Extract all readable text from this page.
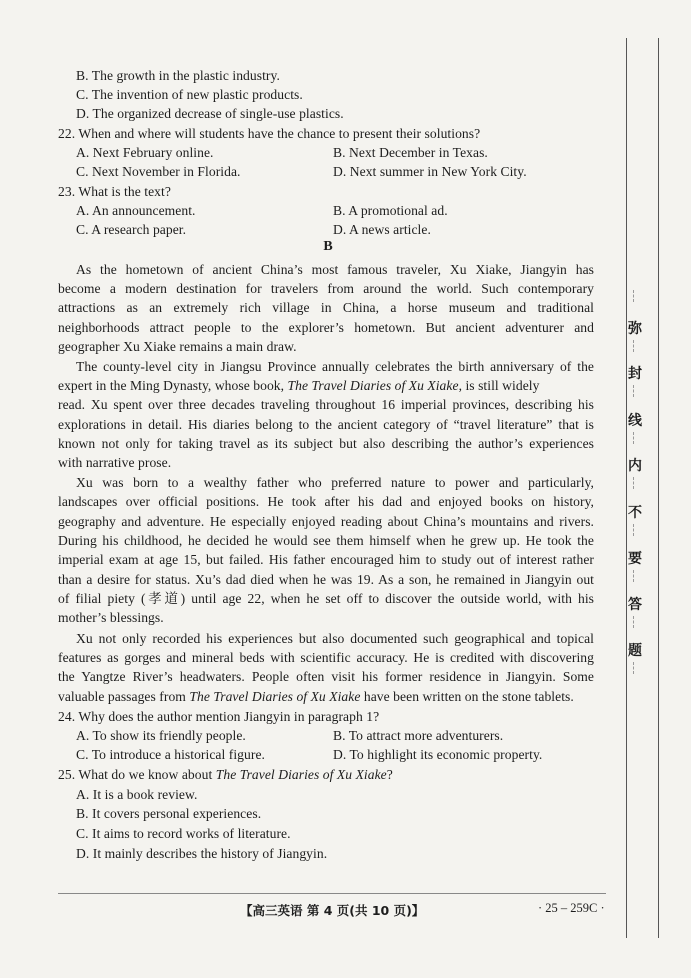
B. The growth in the plastic industry.
C. The invention of new plastic products.
D. The organized decrease of single-use plastics.
22. When and where will students have the chance to present their solutions?
A. Next February online.	B. Next December in Texas.
C. Next November in Florida.	D. Next summer in New York City.
23. What is the text?
A. An announcement.	B. A promotional ad.
C. A research paper.	D. A news article.
B
As the hometown of ancient China’s most famous traveler, Xu Xiake, Jiangyin has
become a modern destination for travelers from around the world. Such contemporary
attractions as an extremely rich village in China, a horse museum and traditional
neighborhoods attract people to the explorer’s hometown. But ancient adventurer and
geographer Xu Xiake remains a main draw.
The county-level city in Jiangsu Province annually celebrates the birth anniversary of the
expert in the Ming Dynasty, whose book, The Travel Diaries of Xu Xiake, is still widely
read. Xu spent over three decades traveling throughout 16 imperial provinces, describing his
explorations in detail. His diaries belong to the ancient category of “travel literature” that is
known not only for taking travel as its subject but also describing the author’s experiences
with narrative prose.
Xu was born to a wealthy father who preferred nature to power and particularly,
landscapes over official positions. He took after his dad and enjoyed books on history,
geography and adventure. He especially enjoyed reading about China’s mountains and rivers.
During his childhood, he decided he would see them himself when he grew up. He took the
imperial exam at age 15, but failed. His father encouraged him to study out of interest rather
than a desire for status. Xu’s dad died when he was 19. As a son, he remained in Jiangyin out
of filial piety (孝道) until age 22, when he set off to discover the outside world, with his
mother’s blessings.
Xu not only recorded his experiences but also documented such geographical and topical
features as gorges and mineral beds with scientific accuracy. He is credited with discovering
the Yangtze River’s headwaters. People often visit his former residence in Jiangyin. Some
valuable passages from The Travel Diaries of Xu Xiake have been written on the stone tablets.
24. Why does the author mention Jiangyin in paragraph 1?
A. To show its friendly people.	B. To attract more adventurers.
C. To introduce a historical figure.	D. To highlight its economic property.
25. What do we know about The Travel Diaries of Xu Xiake?
A. It is a book review.
B. It covers personal experiences.
C. It aims to record works of literature.
D. It mainly describes the history of Jiangyin.
【高三英语 第 4 页(共 10 页)】	· 25 – 259C ·
弥
封
线
内
不
要
答
题
